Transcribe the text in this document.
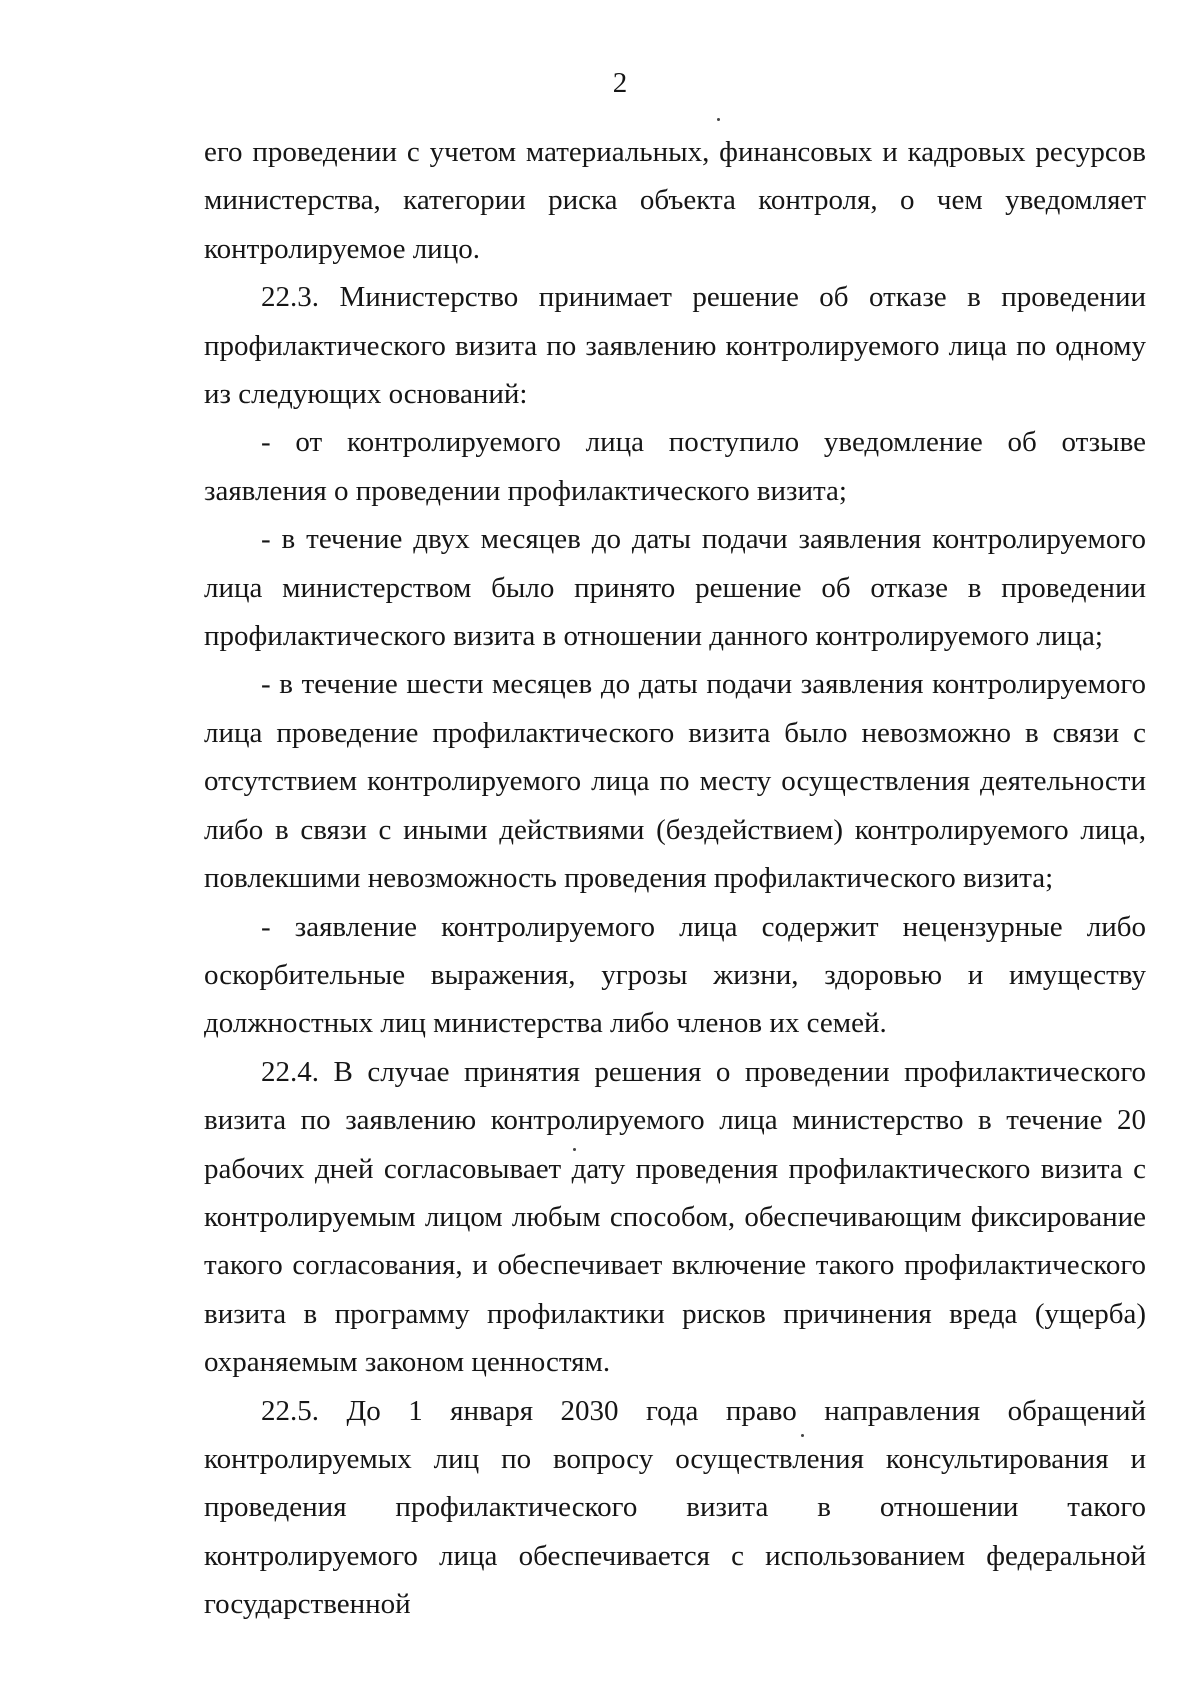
2

его проведении с учетом материальных, финансовых и кадровых ресурсов министерства, категории риска объекта контроля, о чем уведомляет контролируемое лицо.

22.3. Министерство принимает решение об отказе в проведении профилактического визита по заявлению контролируемого лица по одному из следующих оснований:

- от контролируемого лица поступило уведомление об отзыве заявления о проведении профилактического визита;

- в течение двух месяцев до даты подачи заявления контролируемого лица министерством было принято решение об отказе в проведении профилактического визита в отношении данного контролируемого лица;

- в течение шести месяцев до даты подачи заявления контролируемого лица проведение профилактического визита было невозможно в связи с отсутствием контролируемого лица по месту осуществления деятельности либо в связи с иными действиями (бездействием) контролируемого лица, повлекшими невозможность проведения профилактического визита;

- заявление контролируемого лица содержит нецензурные либо оскорбительные выражения, угрозы жизни, здоровью и имуществу должностных лиц министерства либо членов их семей.

22.4. В случае принятия решения о проведении профилактического визита по заявлению контролируемого лица министерство в течение 20 рабочих дней согласовывает дату проведения профилактического визита с контролируемым лицом любым способом, обеспечивающим фиксирование такого согласования, и обеспечивает включение такого профилактического визита в программу профилактики рисков причинения вреда (ущерба) охраняемым законом ценностям.

22.5. До 1 января 2030 года право направления обращений контролируемых лиц по вопросу осуществления консультирования и проведения профилактического визита в отношении такого контролируемого лица обеспечивается с использованием федеральной государственной
